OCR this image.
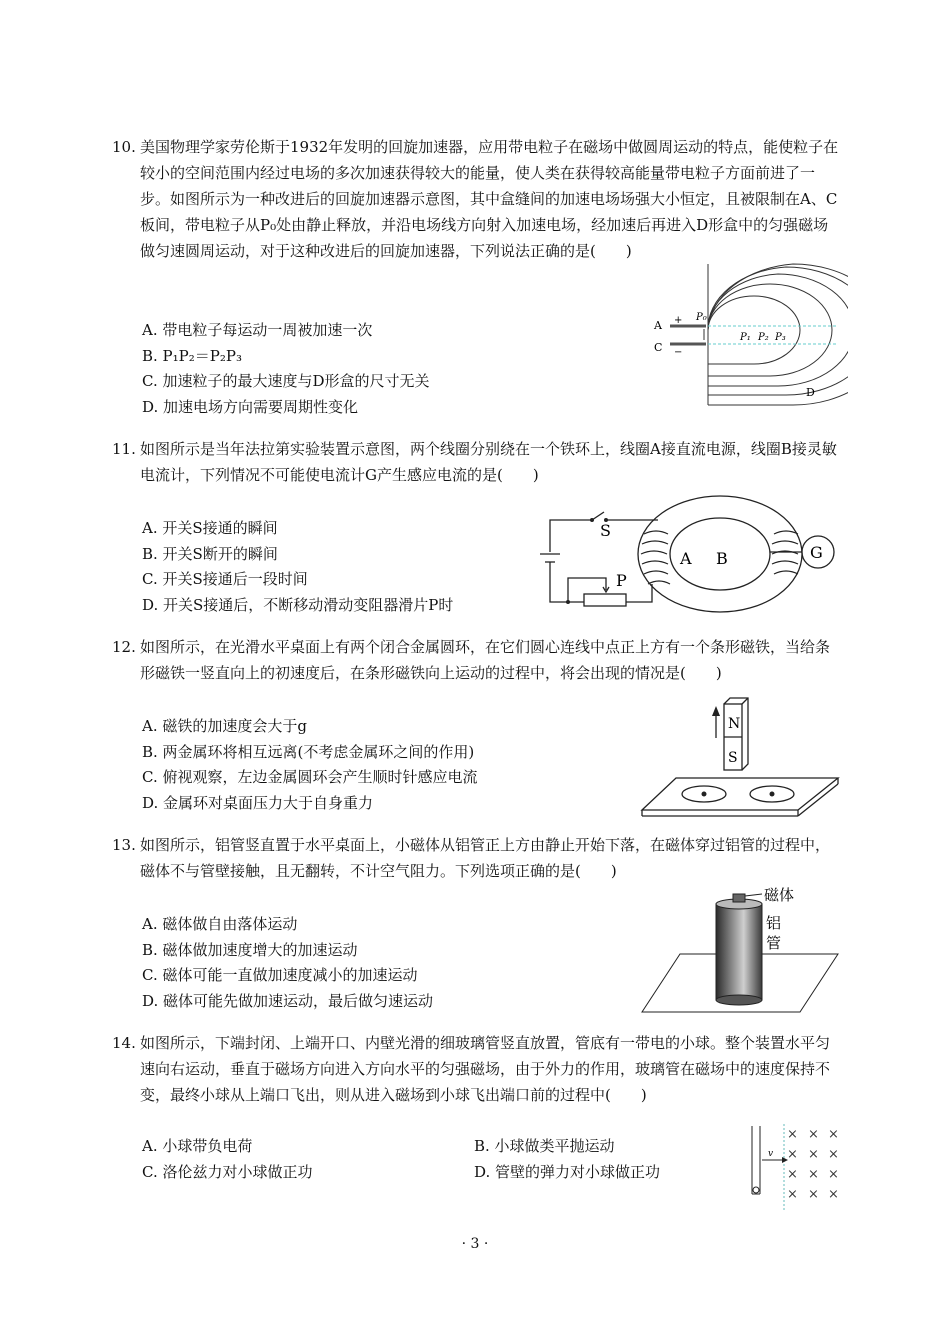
10. 美国物理学家劳伦斯于1932年发明的回旋加速器，应用带电粒子在磁场中做圆周运动的特点，能使粒子在较小的空间范围内经过电场的多次加速获得较大的能量，使人类在获得较高能量带电粒子方面前进了一步。如图所示为一种改进后的回旋加速器示意图，其中盒缝间的加速电场场强大小恒定，且被限制在A、C板间，带电粒子从P₀处由静止释放，并沿电场线方向射入加速电场，经加速后再进入D形盒中的匀强磁场做匀速圆周运动，对于这种改进后的回旋加速器，下列说法正确的是(　　)
A. 带电粒子每运动一周被加速一次
B. P₁P₂＝P₂P₃
C. 加速粒子的最大速度与D形盒的尺寸无关
D. 加速电场方向需要周期性变化
A
C
+
−
P₀
P₁ P₂ P₃
D
11. 如图所示是当年法拉第实验装置示意图，两个线圈分别绕在一个铁环上，线圈A接直流电源，线圈B接灵敏电流计，下列情况不可能使电流计G产生感应电流的是(　　)
A. 开关S接通的瞬间
B. 开关S断开的瞬间
C. 开关S接通后一段时间
D. 开关S接通后，不断移动滑动变阻器滑片P时
S
A B	G
P
12. 如图所示，在光滑水平桌面上有两个闭合金属圆环，在它们圆心连线中点正上方有一个条形磁铁，当给条形磁铁一竖直向上的初速度后，在条形磁铁向上运动的过程中，将会出现的情况是(　　)
A. 磁铁的加速度会大于g
B. 两金属环将相互远离(不考虑金属环之间的作用)
C. 俯视观察，左边金属圆环会产生顺时针感应电流
D. 金属环对桌面压力大于自身重力
N
S
13. 如图所示，铝管竖直置于水平桌面上，小磁体从铝管正上方由静止开始下落，在磁体穿过铝管的过程中，磁体不与管壁接触，且无翻转，不计空气阻力。下列选项正确的是(　　)
A. 磁体做自由落体运动
B. 磁体做加速度增大的加速运动
C. 磁体可能一直做加速度减小的加速运动
D. 磁体可能先做加速运动，最后做匀速运动
磁体
铝
管
14. 如图所示，下端封闭、上端开口、内壁光滑的细玻璃管竖直放置，管底有一带电的小球。整个装置水平匀速向右运动，垂直于磁场方向进入方向水平的匀强磁场，由于外力的作用，玻璃管在磁场中的速度保持不变，最终小球从上端口飞出，则从进入磁场到小球飞出端口前的过程中(　　)
A. 小球带负电荷	B. 小球做类平抛运动
C. 洛伦兹力对小球做正功	D. 管壁的弹力对小球做正功
v
× × ×
× × ×
× × ×
× × ×
· 3 ·
